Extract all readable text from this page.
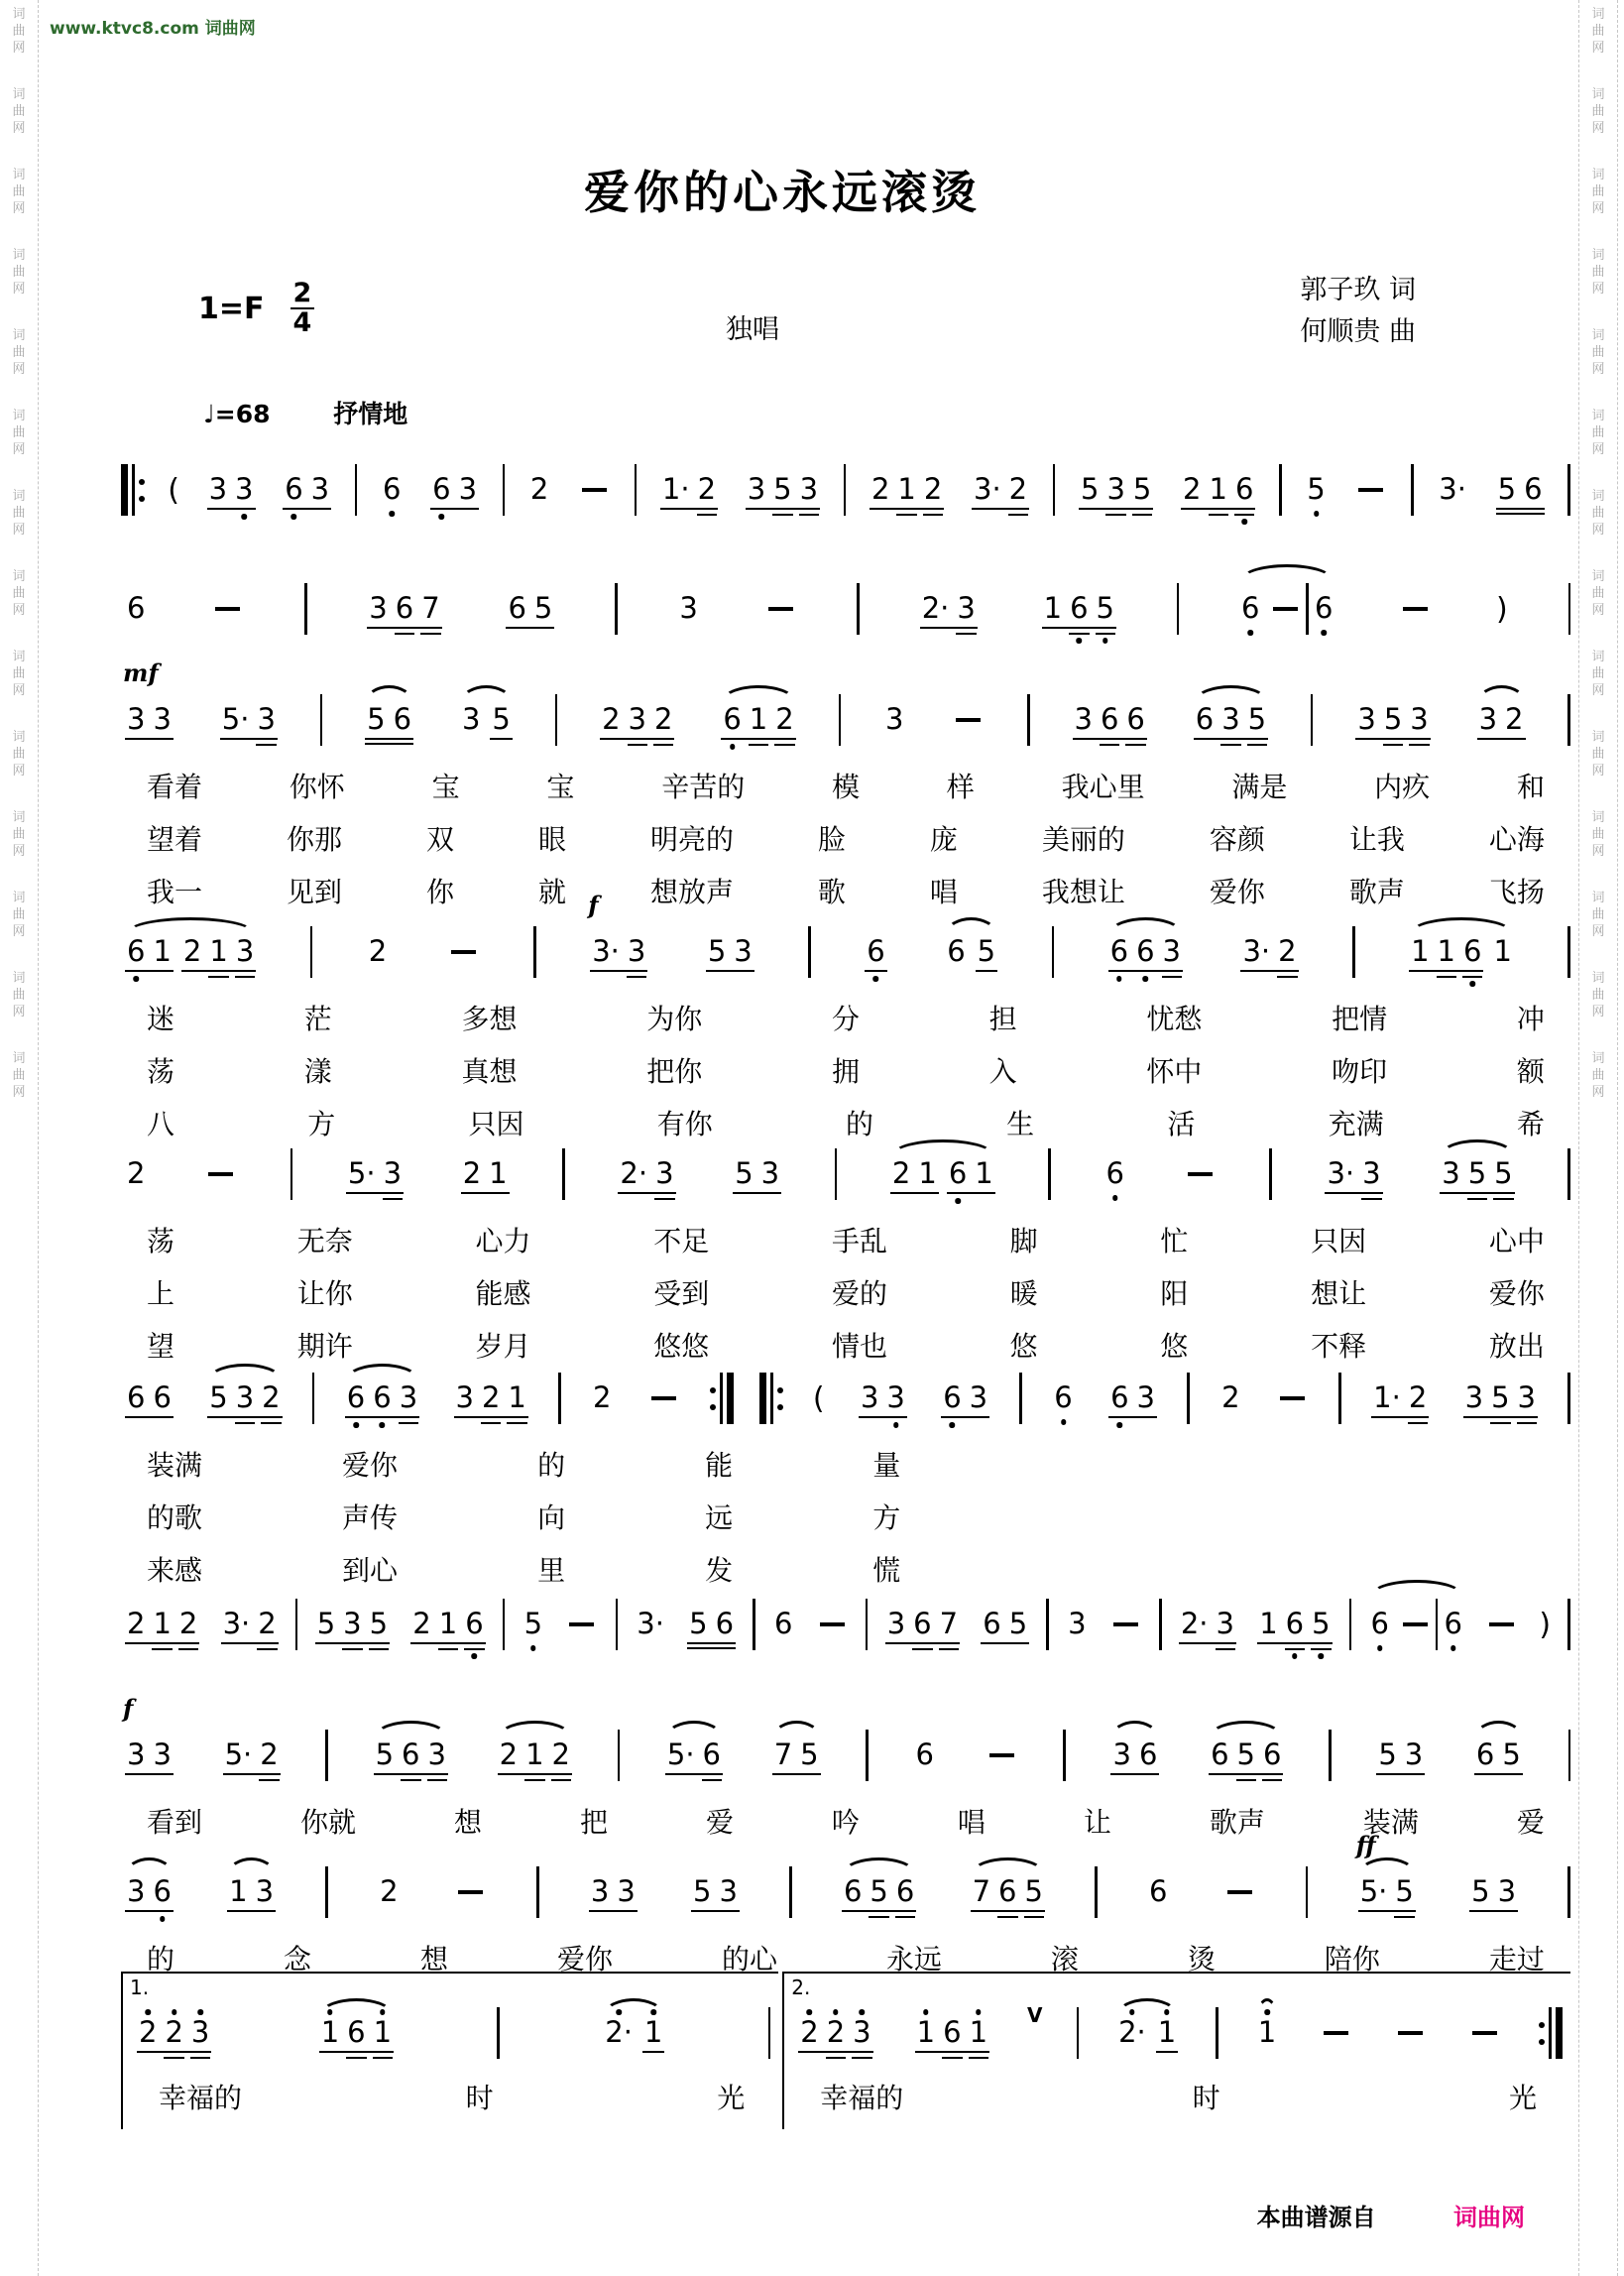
词
曲
网
词
曲
网
词
曲
网
词
曲
网
词
曲
网
词
曲
网
词
曲
网
词
曲
网
词
曲
网
词
曲
网
词
曲
网
词
曲
网
词
曲
网
词
曲
网
词
曲
网
词
曲
网
词
曲
网
词
曲
网
词
曲
网
词
曲
网
词
曲
网
词
曲
网
词
曲
网
词
曲
网
词
曲
网
词
曲
网
词
曲
网
词
曲
网
www.ktvc8.com 词曲网
爱你的心永远滚烫
$1=F \frac{2}{4}$	独唱
郭子玖 词
何顺贵 曲
♩=68	抒情地
( 3 3 6 3 6 6 3 2	1· 2 3 5 3 2 1 2 3· 2 5 3 5 2 1 6 5	3· 5 6
6	3 6 7 6 5	3	2· 3 1 6 5	6 6	)
mf
3 3 5· 3	5 6 3 5	2 3 2 6 1 2	3	3 6 6 6 3 5	3 5 3 3 2
看着	你怀	宝	宝	辛苦的	模	样	我心里	满是	内疚	和
望着	你那	双	眼	明亮的	脸	庞	美丽的	容颜	让我	心海
我一	见到	你	就	想放声	歌	唱	我想让	爱你	歌声	飞扬
6 1 2 1 3	2
f
3· 3 5 3	6 6 5	6 6 3 3· 2	1 1 6 1
迷	茫	多想	为你	分	担	忧愁	把情	冲
荡	漾	真想	把你	拥	入	怀中	吻印	额
八	方	只因	有你	的	生	活	充满	希
2	5· 3 2 1	2· 3 5 3	2 1 6 1	6	3· 3 3 5 5
荡	无奈	心力	不足	手乱	脚	忙	只因	心中
上	让你	能感	受到	爱的	暖	阳	想让	爱你
望	期许	岁月	悠悠	情也	悠	悠	不释	放出
6 6 5 3 2 6 6 3 3 2 1 2	( 3 3 6 3 6 6 3 2	1· 2 3 5 3
装满	爱你	的	能	量
的歌	声传	向	远	方
来感	到心	里	发	慌
2 1 2 3· 2 5 3 5 2 1 6 5	3· 5 6 6	3 6 7 6 5 3	2· 3 1 6 5 6 6	)
f
3 3 5· 2	5 6 3 2 1 2	5· 6 7 5	6	3 6 6 5 6	5 3 6 5
看到	你就	想	把	爱	吟	唱	让	歌声	装满	爱
3 6 1 3	2	3 3 5 3	6 5 6 7 6 5	6
ff
5· 5 5 3
的	念	想	爱你	的心	永远	滚	烫	陪你	走过
1.
2 2 3	1 6 1	2· 1
幸福的	时	光
2.
2 2 3 1 6 1
V
2· 1	1
幸福的	时	光
本曲谱源自	词曲网
